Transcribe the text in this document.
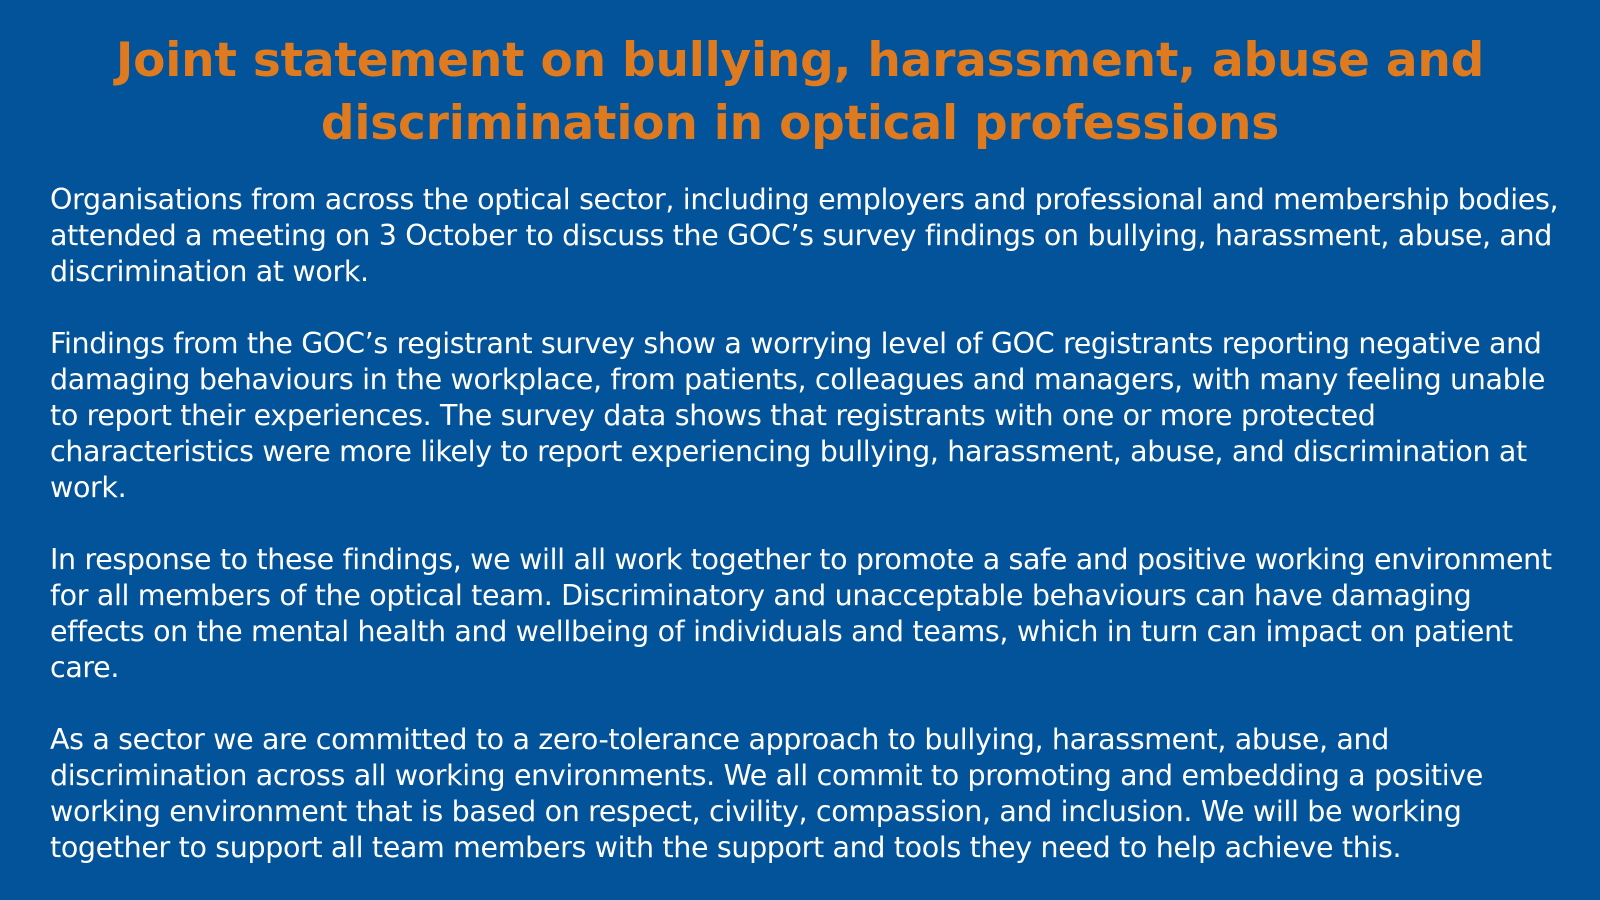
Joint statement on bullying, harassment, abuse and discrimination in optical professions

Organisations from across the optical sector, including employers and professional and membership bodies, attended a meeting on 3 October to discuss the GOC’s survey findings on bullying, harassment, abuse, and discrimination at work.

Findings from the GOC’s registrant survey show a worrying level of GOC registrants reporting negative and damaging behaviours in the workplace, from patients, colleagues and managers, with many feeling unable to report their experiences. The survey data shows that registrants with one or more protected characteristics were more likely to report experiencing bullying, harassment, abuse, and discrimination at work.

In response to these findings, we will all work together to promote a safe and positive working environment for all members of the optical team. Discriminatory and unacceptable behaviours can have damaging effects on the mental health and wellbeing of individuals and teams, which in turn can impact on patient care.

As a sector we are committed to a zero-tolerance approach to bullying, harassment, abuse, and discrimination across all working environments. We all commit to promoting and embedding a positive working environment that is based on respect, civility, compassion, and inclusion. We will be working together to support all team members with the support and tools they need to help achieve this.
